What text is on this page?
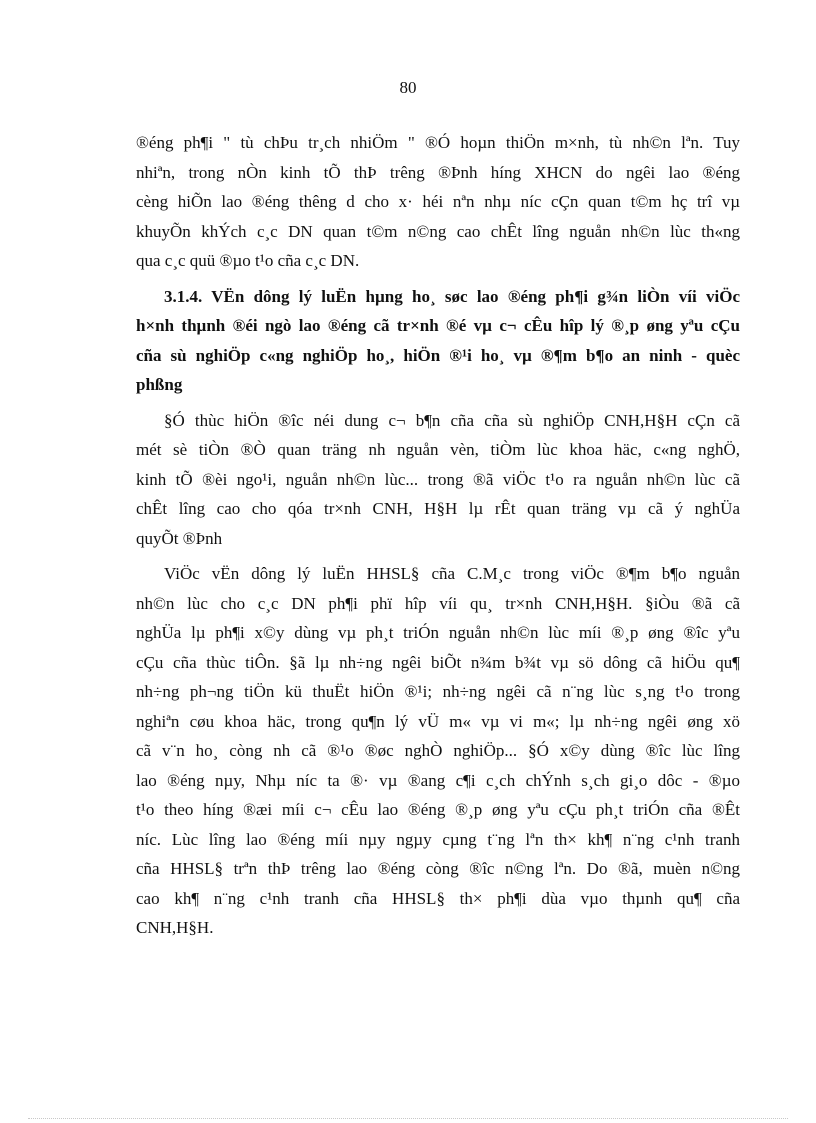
80
®éng ph¶i " tù chÞu tr¸ch nhiÖm " ®Ó hoµn thiÖn m×nh, tù nh©n lªn. Tuy
nhiªn, trong nÒn kinh tÕ thÞ trêng ®Þnh híng XHCN do ngêi lao ®éng
cèng hiÕn lao ®éng thêng d cho x· héi nªn nhµ níc cÇn quan t©m hç trî vµ
khuyÕn khÝch c¸c DN quan t©m n©ng cao chÊt lîng nguån nh©n lùc th«ng
qua c¸c quü ®µo t¹o cña c¸c DN.
3.1.4. VËn dông lý luËn hµng ho¸ søc lao ®éng ph¶i g¾n liÒn víi viÖc
h×nh thµnh ®éi ngò lao ®éng cã tr×nh ®é vµ c¬ cÊu hîp lý ®¸p øng yªu cÇu
cña sù nghiÖp c«ng nghiÖp ho¸, hiÖn ®¹i ho¸ vµ ®¶m b¶o an ninh - quèc
phßng
§Ó thùc hiÖn ®îc néi dung c¬ b¶n cña cña sù nghiÖp CNH,H§H cÇn cã
mét sè tiÒn ®Ò quan träng nh nguån vèn, tiÒm lùc khoa häc, c«ng nghÖ,
kinh tÕ ®èi ngo¹i, nguån nh©n lùc... trong ®ã viÖc t¹o ra nguån nh©n lùc cã
chÊt lîng cao cho qóa tr×nh CNH, H§H lµ rÊt quan träng vµ cã ý nghÜa
quyÕt ®Þnh
ViÖc vËn dông lý luËn HHSL§ cña C.M¸c trong viÖc ®¶m b¶o nguån
nh©n lùc cho c¸c DN ph¶i phï hîp víi qu¸ tr×nh CNH,H§H. §iÒu ®ã cã
nghÜa lµ ph¶i x©y dùng vµ ph¸t triÓn nguån nh©n lùc míi ®¸p øng ®îc yªu
cÇu cña thùc tiÔn. §ã lµ nh÷ng ngêi biÕt n¾m b¾t vµ sö dông cã hiÖu qu¶
nh÷ng ph¬ng tiÖn kü thuËt hiÖn ®¹i; nh÷ng ngêi cã n¨ng lùc s¸ng t¹o trong
nghiªn cøu khoa häc, trong qu¶n lý vÜ m« vµ vi m«; lµ nh÷ng ngêi øng xö
cã v¨n ho¸ còng nh cã ®¹o ®øc nghÒ nghiÖp... §Ó x©y dùng ®îc lùc lîng
lao ®éng nµy, Nhµ níc ta ®· vµ ®ang c¶i c¸ch chÝnh s¸ch gi¸o dôc - ®µo
t¹o theo híng ®æi míi c¬ cÊu lao ®éng ®¸p øng yªu cÇu ph¸t triÓn cña ®Êt
níc. Lùc lîng lao ®éng míi nµy ngµy cµng t¨ng lªn th× kh¶ n¨ng c¹nh tranh
cña HHSL§ trªn thÞ trêng lao ®éng còng ®îc n©ng lªn. Do ®ã, muèn n©ng
cao kh¶ n¨ng c¹nh tranh cña HHSL§ th× ph¶i dùa vµo thµnh qu¶ cña
CNH,H§H.
